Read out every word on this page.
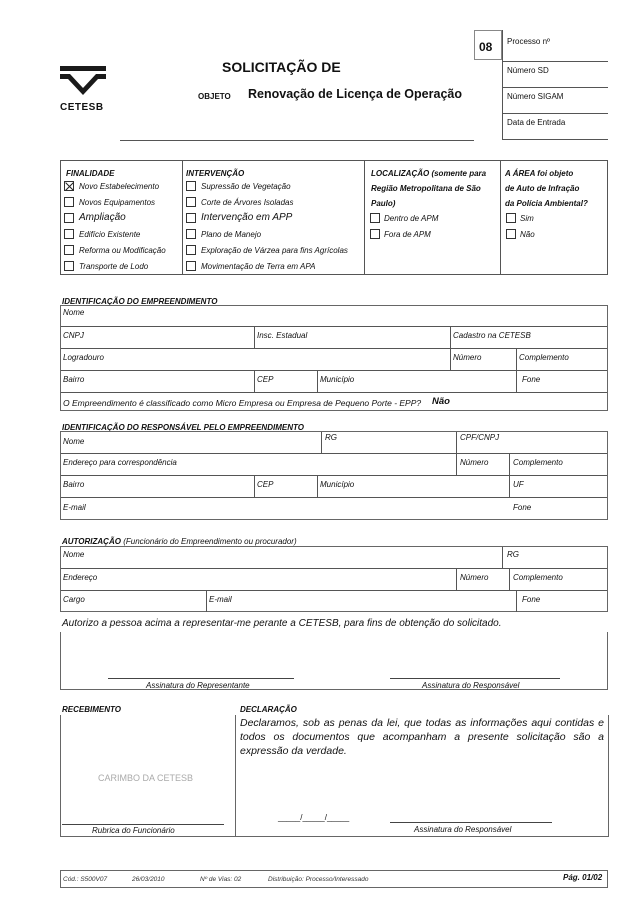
CETESB
SOLICITAÇÃO DE
OBJETO Renovação de Licença de Operação
08 Processo nº
Número SD
Número SIGAM
Data de Entrada
FINALIDADE
Novo Estabelecimento
Novos Equipamentos
Ampliação
Edifício Existente
Reforma ou Modificação
Transporte de Lodo
INTERVENÇÃO
Supressão de Vegetação
Corte de Árvores Isoladas
Intervenção em APP
Plano de Manejo
Exploração de Várzea para fins Agrícolas
Movimentação de Terra em APA
LOCALIZAÇÃO (somente para
Região Metropolitana de São
Paulo)
Dentro de APM
Fora de APM
A ÁREA foi objeto
de Auto de Infração
da Polícia Ambiental?
Sim
Não
IDENTIFICAÇÃO DO EMPREENDIMENTO
Nome
CNPJ	Insc. Estadual	Cadastro na CETESB
Logradouro	Número	Complemento
Bairro	CEP	Município	Fone
O Empreendimento é classificado como Micro Empresa ou Empresa de Pequeno Porte - EPP? Não
IDENTIFICAÇÃO DO RESPONSÁVEL PELO EMPREENDIMENTO
Nome	RG	CPF/CNPJ
Endereço para correspondência	Número	Complemento
Bairro	CEP	Município	UF
E-mail	Fone
AUTORIZAÇÃO (Funcionário do Empreendimento ou procurador)
Nome	RG
Endereço	Número	Complemento
Cargo	E-mail	Fone
Autorizo a pessoa acima a representar-me perante a CETESB, para fins de obtenção do solicitado.
Assinatura do Representante	Assinatura do Responsável
RECEBIMENTO	DECLARAÇÃO
CARIMBO DA CETESB
Rubrica do Funcionário
Declaramos, sob as penas da lei, que todas as informações aqui contidas e todos os documentos que acompanham a presente solicitação são a expressão da verdade.
_____/_____/_____
Assinatura do Responsável
Cód.: S500V07	26/03/2010	Nº de Vias: 02	Distribuição: Processo/Interessado	Pág. 01/02
